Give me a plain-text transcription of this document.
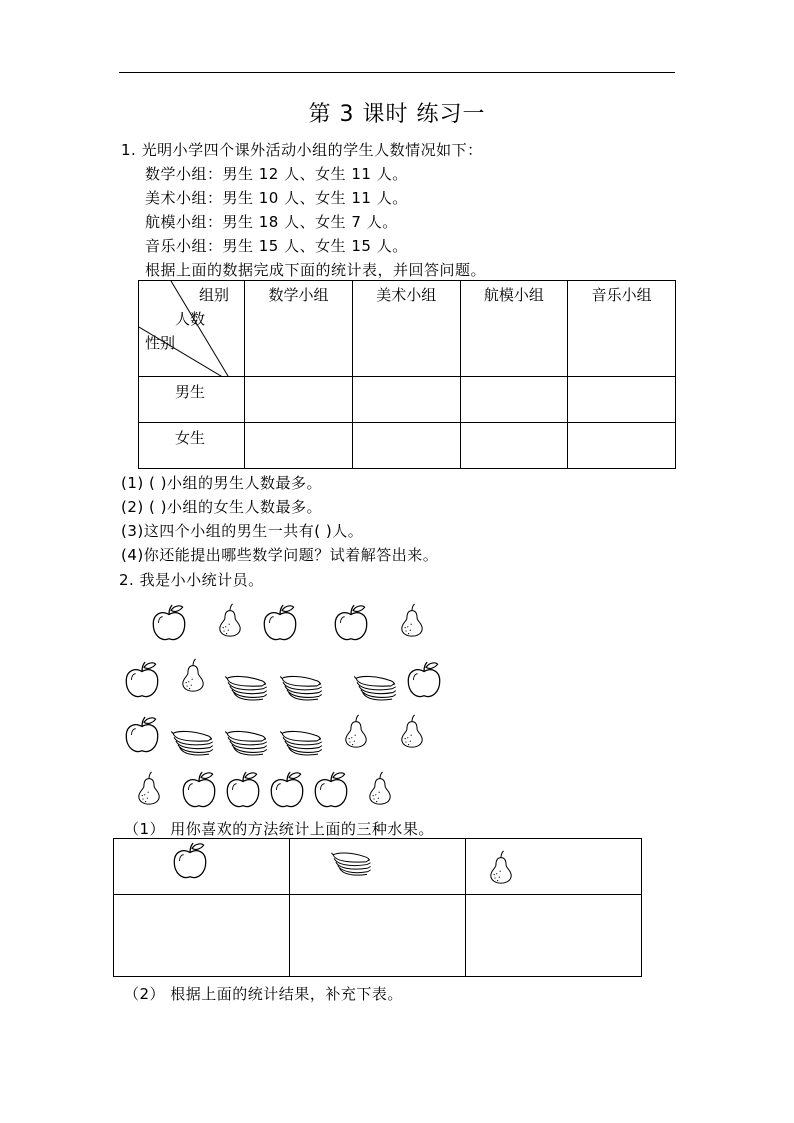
第 3 课时 练习一
1. 光明小学四个课外活动小组的学生人数情况如下：
数学小组：男生 12 人、女生 11 人。
美术小组：男生 10 人、女生 11 人。
航模小组：男生 18 人、女生 7 人。
音乐小组：男生 15 人、女生 15 人。
根据上面的数据完成下面的统计表，并回答问题。
组别
人数
性别	数学小组	美术小组	航模小组	音乐小组
男生				
女生				
(1) ( )小组的男生人数最多。
(2) ( )小组的女生人数最多。
(3)这四个小组的男生一共有( )人。
(4)你还能提出哪些数学问题？试着解答出来。
2. 我是小小统计员。
（1） 用你喜欢的方法统计上面的三种水果。

（2） 根据上面的统计结果，补充下表。
